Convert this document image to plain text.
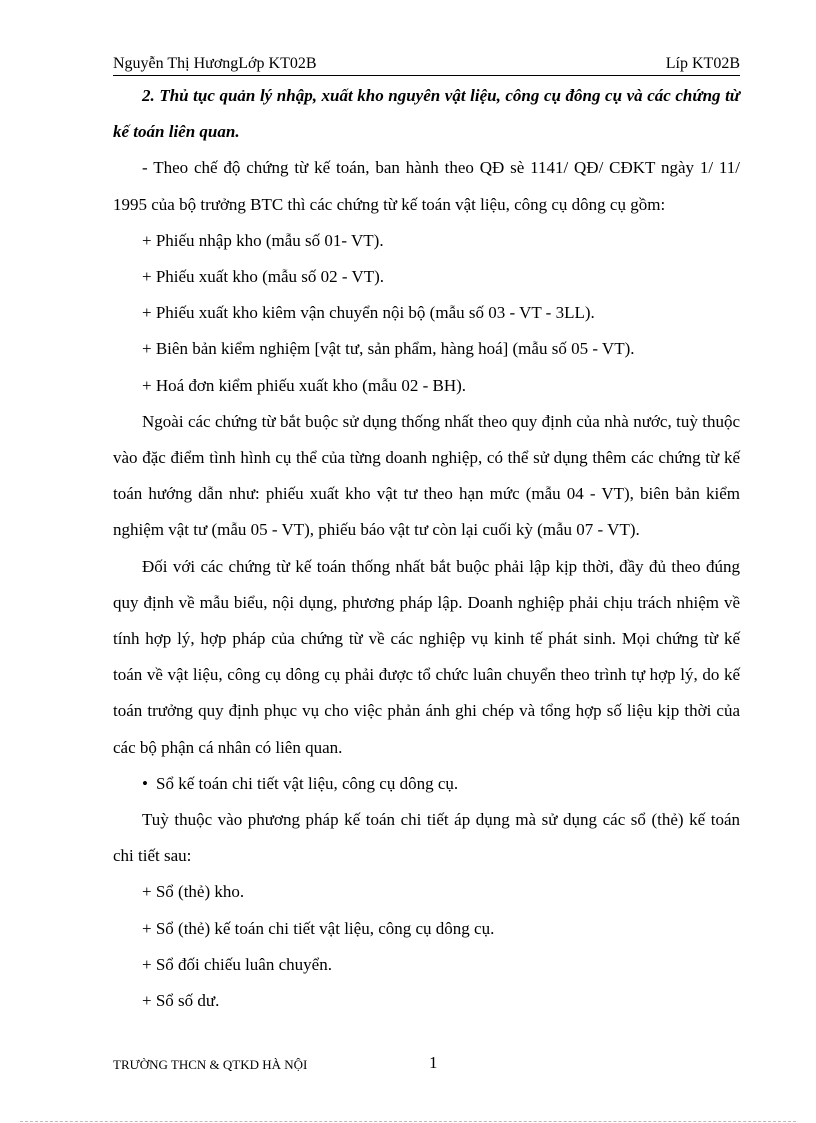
Nguyễn Thị HươngLớp KT02B	Líp KT02B

2. Thủ tục quản lý nhập, xuất kho nguyên vật liệu, công cụ đông cụ và các chứng từ kế toán liên quan.

- Theo chế độ chứng từ kế toán, ban hành theo QĐ sè 1141/ QĐ/ CĐKT ngày 1/ 11/ 1995 của bộ trưởng BTC thì các chứng từ kế toán vật liệu, công cụ dông cụ gồm:

+ Phiếu nhập kho (mẫu số 01- VT).

+ Phiếu xuất kho (mẫu số 02 - VT).

+ Phiếu xuất kho kiêm vận chuyển nội bộ (mẫu số 03 - VT - 3LL).

+ Biên bản kiểm nghiệm [vật tư, sản phẩm, hàng hoá] (mẫu số 05 - VT).

+ Hoá đơn kiểm phiếu xuất kho (mẫu 02 - BH).

Ngoài các chứng từ bắt buộc sử dụng thống nhất theo quy định của nhà nước, tuỳ thuộc vào đặc điểm tình hình cụ thể của từng doanh nghiệp, có thể sử dụng thêm các chứng từ kế toán hướng dẫn như: phiếu xuất kho vật tư theo hạn mức (mẫu 04 - VT), biên bản kiểm nghiệm vật tư (mẫu 05 - VT), phiếu báo vật tư còn lại cuối kỳ (mẫu 07 - VT).

Đối với các chứng từ kế toán thống nhất bắt buộc phải lập kịp thời, đầy đủ theo đúng quy định về mẫu biểu, nội dụng, phương pháp lập. Doanh nghiệp phải chịu trách nhiệm về tính hợp lý, hợp pháp của chứng từ về các nghiệp vụ kinh tế phát sinh. Mọi chứng từ kế toán về vật liệu, công cụ dông cụ phải được tổ chức luân chuyển theo trình tự hợp lý, do kế toán trưởng quy định phục vụ cho việc phản ánh ghi chép và tổng hợp số liệu kịp thời của các bộ phận cá nhân có liên quan.

• Sổ kế toán chi tiết vật liệu, công cụ dông cụ.

Tuỳ thuộc vào phương pháp kế toán chi tiết áp dụng mà sử dụng các sổ (thẻ) kế toán chi tiết sau:

+ Sổ (thẻ) kho.

+ Sổ (thẻ) kế toán chi tiết vật liệu, công cụ dông cụ.

+ Sổ đối chiếu luân chuyển.

+ Sổ số dư.

TRƯỜNG THCN & QTKD HÀ NỘI	1
